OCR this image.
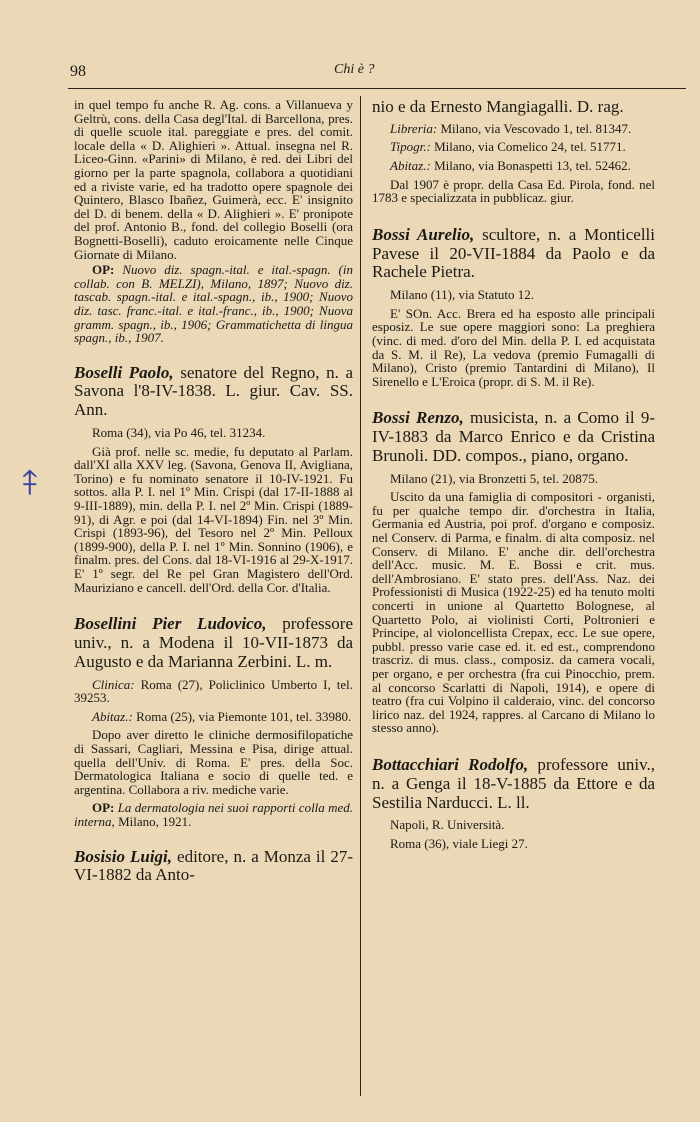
98	Chi è ?
⤉

in quel tempo fu anche R. Ag. cons. a Villanueva y Geltrù, cons. della Casa degl'Ital. di Barcellona, pres. di quelle scuole ital. pareggiate e pres. del comit. locale della « D. Alighieri ». Attual. insegna nel R. Liceo-Ginn. «Parini» di Milano, è red. dei Libri del giorno per la parte spagnola, collabora a quotidiani ed a riviste varie, ed ha tradotto opere spagnole dei Quintero, Blasco Ibañez, Guimerà, ecc. E' insignito del D. di benem. della « D. Alighieri ». E' pronipote del prof. Antonio B., fond. del collegio Boselli (ora Bognetti-Boselli), caduto eroicamente nelle Cinque Giornate di Milano.

OP: Nuovo diz. spagn.-ital. e ital.-spagn. (in collab. con B. MELZI), Milano, 1897; Nuovo diz. tascab. spagn.-ital. e ital.-spagn., ib., 1900; Nuovo diz. tasc. franc.-ital. e ital.-franc., ib., 1900; Nuova gramm. spagn., ib., 1906; Grammatichetta di lingua spagn., ib., 1907.

Boselli Paolo, senatore del Regno, n. a Savona l'8-IV-1838. L. giur. Cav. SS. Ann.

Roma (34), via Po 46, tel. 31234.

Già prof. nelle sc. medie, fu deputato al Parlam. dall'XI alla XXV leg. (Savona, Genova II, Avigliana, Torino) e fu nominato senatore il 10-IV-1921. Fu sottos. alla P. I. nel 1º Min. Crispi (dal 17-II-1888 al 9-III-1889), min. della P. I. nel 2º Min. Crispi (1889-91), di Agr. e poi (dal 14-VI-1894) Fin. nel 3º Min. Crispi (1893-96), del Tesoro nel 2º Min. Pelloux (1899-900), della P. I. nel 1º Min. Sonnino (1906), e finalm. pres. del Cons. dal 18-VI-1916 al 29-X-1917. E' 1º segr. del Re pel Gran Magistero dell'Ord. Mauriziano e cancell. dell'Ord. della Cor. d'Italia.

Bosellini Pier Ludovico, professore univ., n. a Modena il 10-VII-1873 da Augusto e da Marianna Zerbini. L. m.

Clinica: Roma (27), Policlinico Umberto I, tel. 39253.

Abitaz.: Roma (25), via Piemonte 101, tel. 33980.

Dopo aver diretto le cliniche dermosifilopatiche di Sassari, Cagliari, Messina e Pisa, dirige attual. quella dell'Univ. di Roma. E' pres. della Soc. Dermatologica Italiana e socio di quelle ted. e argentina. Collabora a riv. mediche varie.

OP: La dermatologia nei suoi rapporti colla med. interna, Milano, 1921.

Bosisio Luigi, editore, n. a Monza il 27-VI-1882 da Anto-

nio e da Ernesto Mangiagalli. D. rag.

Libreria: Milano, via Vescovado 1, tel. 81347.

Tipogr.: Milano, via Comelico 24, tel. 51771.

Abitaz.: Milano, via Bonaspetti 13, tel. 52462.

Dal 1907 è propr. della Casa Ed. Pirola, fond. nel 1783 e specializzata in pubblicaz. giur.

Bossi Aurelio, scultore, n. a Monticelli Pavese il 20-VII-1884 da Paolo e da Rachele Pietra.

Milano (11), via Statuto 12.

E' SOn. Acc. Brera ed ha esposto alle principali esposiz. Le sue opere maggiori sono: La preghiera (vinc. di med. d'oro del Min. della P. I. ed acquistata da S. M. il Re), La vedova (premio Fumagalli di Milano), Cristo (premio Tantardini di Milano), Il Sirenello e L'Eroica (propr. di S. M. il Re).

Bossi Renzo, musicista, n. a Como il 9-IV-1883 da Marco Enrico e da Cristina Brunoli. DD. compos., piano, organo.

Milano (21), via Bronzetti 5, tel. 20875.

Uscito da una famiglia di compositori - organisti, fu per qualche tempo dir. d'orchestra in Italia, Germania ed Austria, poi prof. d'organo e composiz. nel Conserv. di Parma, e finalm. di alta composiz. nel Conserv. di Milano. E' anche dir. dell'orchestra dell'Acc. music. M. E. Bossi e crit. mus. dell'Ambrosiano. E' stato pres. dell'Ass. Naz. dei Professionisti di Musica (1922-25) ed ha tenuto molti concerti in unione al Quartetto Bolognese, al Quartetto Polo, ai violinisti Corti, Poltronieri e Principe, al violoncellista Crepax, ecc. Le sue opere, pubbl. presso varie case ed. it. ed est., comprendono trascriz. di mus. class., composiz. da camera vocali, per organo, e per orchestra (fra cui Pinocchio, prem. al concorso Scarlatti di Napoli, 1914), e opere di teatro (fra cui Volpino il calderaio, vinc. del concorso lirico naz. del 1924, rappres. al Carcano di Milano lo stesso anno).

Bottacchiari Rodolfo, professore univ., n. a Genga il 18-V-1885 da Ettore e da Sestilia Narducci. L. ll.

Napoli, R. Università.

Roma (36), viale Liegi 27.
